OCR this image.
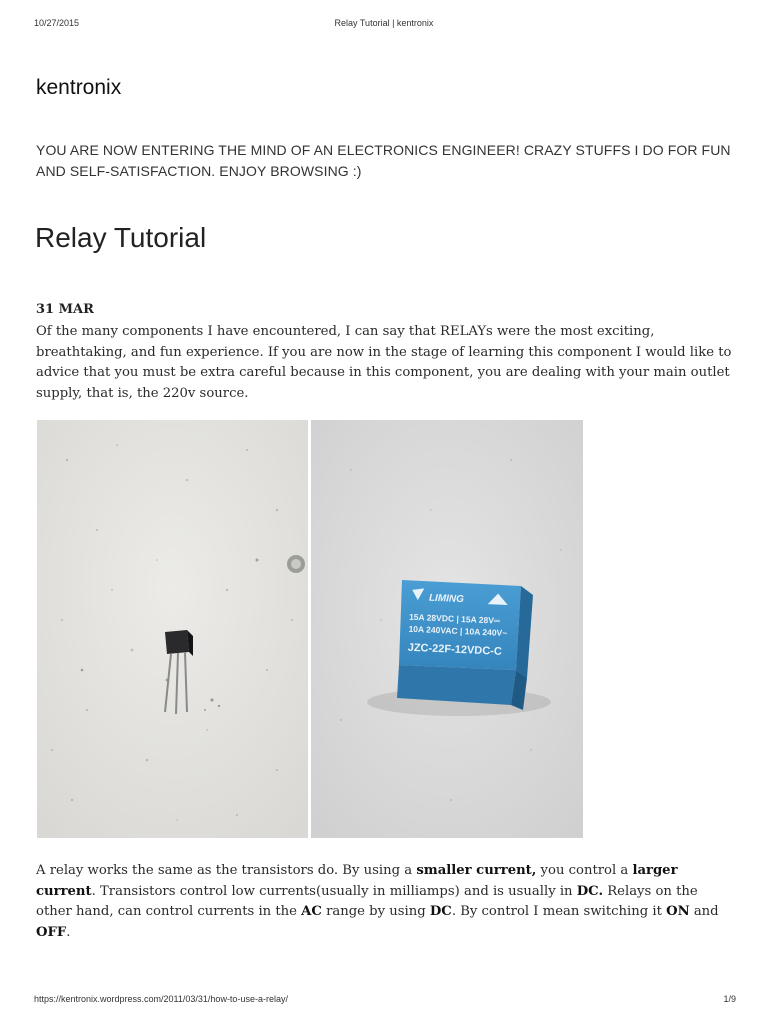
10/27/2015	Relay Tutorial | kentronix
kentronix

YOU ARE NOW ENTERING THE MIND OF AN ELECTRONICS ENGINEER! CRAZY STUFFS I DO FOR FUN AND SELF-SATISFACTION. ENJOY BROWSING :)

Relay Tutorial

31 MAR

Of the many components I have encountered, I can say that RELAYs were the most exciting, breathtaking, and fun experience. If you are now in the stage of learning this component I would like to advice that you must be extra careful because in this component, you are dealing with your main outlet supply, that is, the 220v source.

LIMING
15A 28VDC | 15A 28V═
10A 240VAC | 10A 240V~
JZC-22F-12VDC-C

A relay works the same as the transistors do. By using a smaller current, you control a larger current. Transistors control low currents(usually in milliamps) and is usually in DC. Relays on the other hand, can control currents in the AC range by using DC. By control I mean switching it ON and OFF.

https://kentronix.wordpress.com/2011/03/31/how-to-use-a-relay/	1/9
